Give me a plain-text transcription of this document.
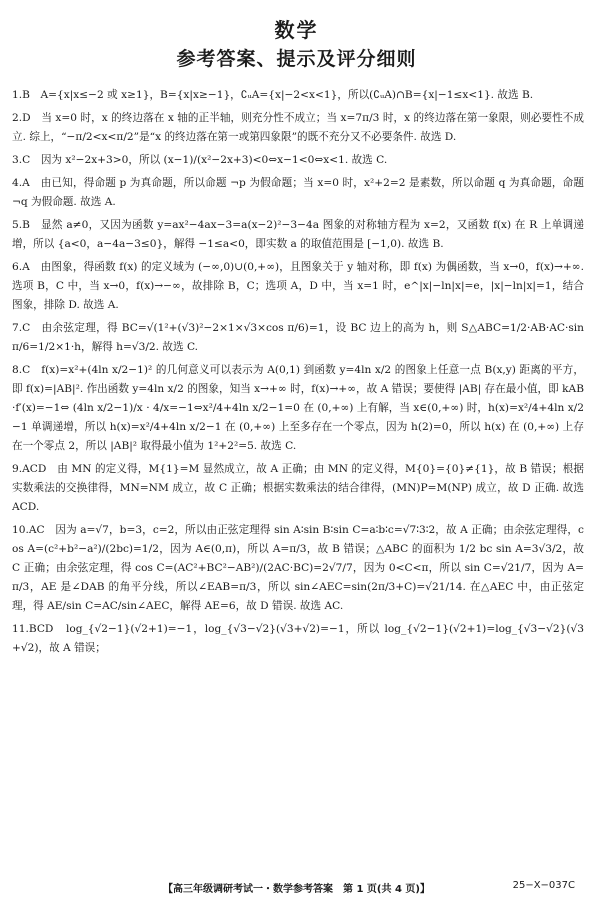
数学
参考答案、提示及评分细则

1.B　 A={x|x≤−2 或 x≥1}，B={x|x≥−1}，∁ᵤA={x|−2<x<1}，所以(∁ᵤA)∩B={x|−1≤x<1}. 故选 B.

2.D　 当 x=0 时，x 的终边落在 x 轴的正半轴，则充分性不成立；当 x=7π/3 时，x 的终边落在第一象限，则必要性不成立. 综上，“−π/2<x<π/2”是“x 的终边落在第一或第四象限”的既不充分又不必要条件. 故选 D.

3.C　 因为 x²−2x+3>0，所以 (x−1)/(x²−2x+3)<0⇔x−1<0⇔x<1. 故选 C.

4.A　 由已知，得命题 p 为真命题，所以命题 ¬p 为假命题；当 x=0 时，x²+2=2 是素数，所以命题 q 为真命题，命题 ¬q 为假命题. 故选 A.

5.B　 显然 a≠0，又因为函数 y=ax²−4ax−3=a(x−2)²−3−4a 图象的对称轴方程为 x=2，又函数 f(x) 在 R 上单调递增，所以 {a<0，a−4a−3≤0}，解得 −1≤a<0，即实数 a 的取值范围是 [−1,0). 故选 B.

6.A　 由图象，得函数 f(x) 的定义域为 (−∞,0)∪(0,+∞)，且图象关于 y 轴对称，即 f(x) 为偶函数，当 x→0，f(x)→+∞. 选项 B，C 中，当 x→0，f(x)→−∞，故排除 B，C；选项 A，D 中，当 x=1 时，e^|x|−ln|x|=e，|x|−ln|x|=1，结合图象，排除 D. 故选 A.

7.C　 由余弦定理，得 BC=√(1²+(√3)²−2×1×√3×cos π/6)=1，设 BC 边上的高为 h，则 S△ABC=1/2·AB·AC·sin π/6=1/2×1·h，解得 h=√3/2. 故选 C.

8.C　 f(x)=x²+(4ln x/2−1)² 的几何意义可以表示为 A(0,1) 到函数 y=4ln x/2 的图象上任意一点 B(x,y) 距离的平方，即 f(x)=|AB|². 作出函数 y=4ln x/2 的图象，知当 x→+∞ 时，f(x)→+∞，故 A 错误；要使得 |AB| 存在最小值，即 kAB·f′(x)=−1⇔ (4ln x/2−1)/x · 4/x=−1⇔x²/4+4ln x/2−1=0 在 (0,+∞) 上有解，当 x∈(0,+∞) 时，h(x)=x²/4+4ln x/2−1 单调递增，所以 h(x)=x²/4+4ln x/2−1 在 (0,+∞) 上至多存在一个零点，因为 h(2)=0，所以 h(x) 在 (0,+∞) 上存在一个零点 2，所以 |AB|² 取得最小值为 1²+2²=5. 故选 C.

9.ACD　 由 MN 的定义得，M{1}=M 显然成立，故 A 正确；由 MN 的定义得，M{0}={0}≠{1}，故 B 错误；根据实数乘法的交换律得，MN=NM 成立，故 C 正确；根据实数乘法的结合律得，(MN)P=M(NP) 成立，故 D 正确. 故选 ACD.

10.AC　 因为 a=√7，b=3，c=2，所以由正弦定理得 sin A∶sin B∶sin C=a∶b∶c=√7∶3∶2，故 A 正确；由余弦定理得，cos A=(c²+b²−a²)/(2bc)=1/2，因为 A∈(0,π)，所以 A=π/3，故 B 错误；△ABC 的面积为 1/2 bc sin A=3√3/2，故 C 正确；由余弦定理，得 cos C=(AC²+BC²−AB²)/(2AC·BC)=2√7/7，因为 0<C<π，所以 sin C=√21/7，因为 A=π/3，AE 是∠DAB 的角平分线，所以∠EAB=π/3，所以 sin∠AEC=sin(2π/3+C)=√21/14. 在△AEC 中，由正弦定理，得 AE/sin C=AC/sin∠AEC，解得 AE=6，故 D 错误. 故选 AC.

11.BCD　 log_{√2−1}(√2+1)=−1，log_{√3−√2}(√3+√2)=−1，所以 log_{√2−1}(√2+1)=log_{√3−√2}(√3+√2)，故 A 错误；

【高三年级调研考试一・数学参考答案　第 1 页(共 4 页)】	25−X−037C
